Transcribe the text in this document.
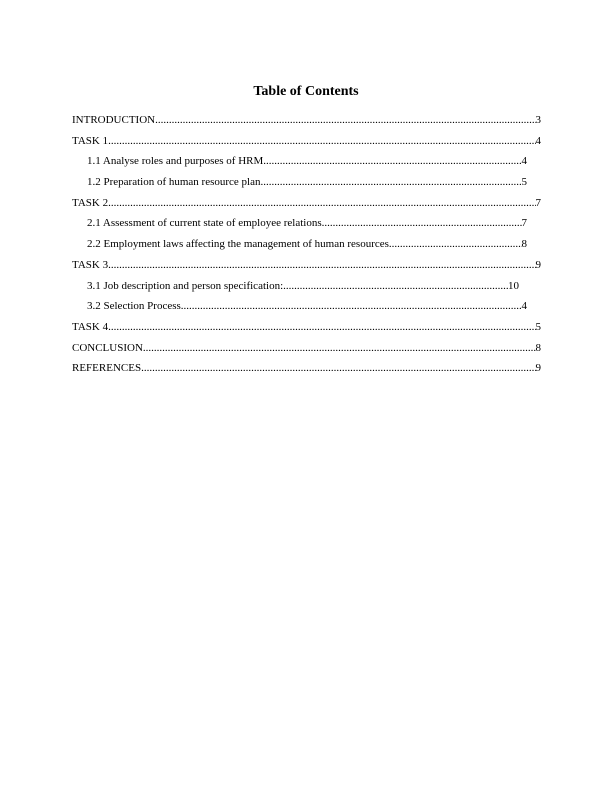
Table of Contents
INTRODUCTION .....	3
TASK 1 .....	4
1.1 Analyse roles and purposes of HRM .....	4
1.2 Preparation of human resource plan .....	5
TASK 2 .....	7
2.1 Assessment of current state of employee relations .....	7
2.2 Employment laws affecting the management of human resources .....	8
TASK 3 .....	9
3.1 Job description and person specification: .....	10
3.2 Selection Process .....	4
TASK 4 .....	5
CONCLUSION .....	8
REFERENCES .....	9
